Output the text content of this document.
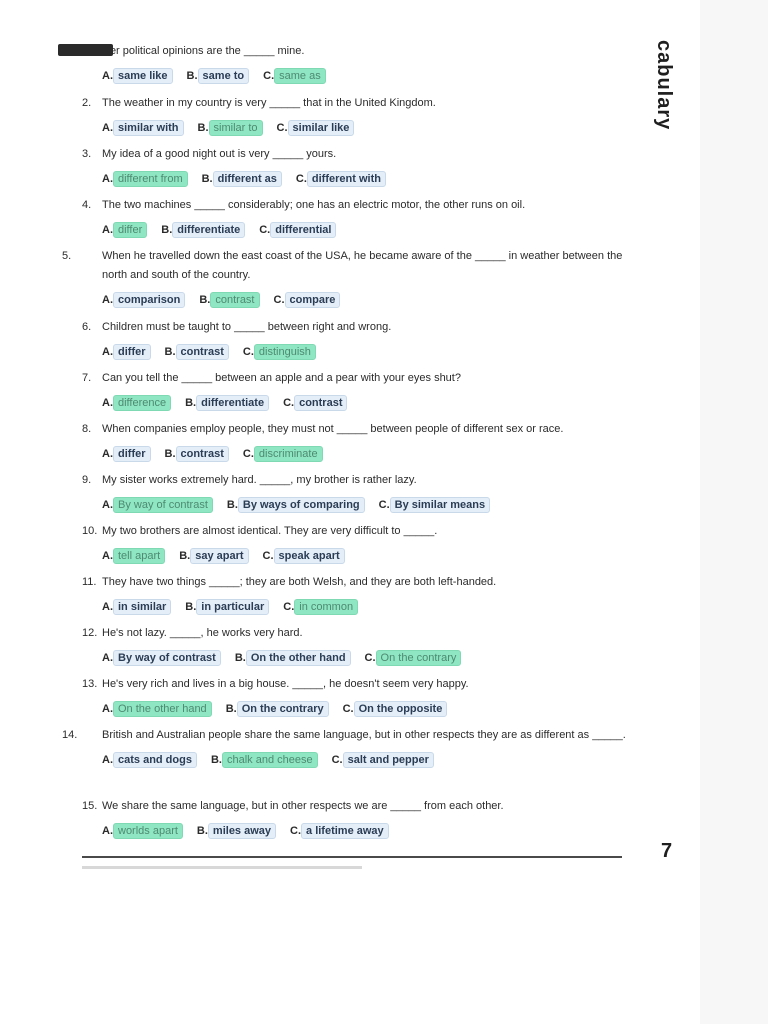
cabulary
1. Her political opinions are the _____ mine.
A. same like B. same to C. same as
2. The weather in my country is very _____ that in the United Kingdom.
A. similar with B. similar to C. similar like
3. My idea of a good night out is very _____ yours.
A. different from B. different as C. different with
4. The two machines _____ considerably; one has an electric motor, the other runs on oil.
A. differ B. differentiate C. differential
5.	When he travelled down the east coast of the USA, he became aware of the _____ in weather between the north and south of the country.
A. comparison B. contrast C. compare
6. Children must be taught to _____ between right and wrong.
A. differ B. contrast C. distinguish
7. Can you tell the _____ between an apple and a pear with your eyes shut?
A. difference B. differentiate C. contrast
8. When companies employ people, they must not _____ between people of different sex or race.
A. differ B. contrast C. discriminate
9. My sister works extremely hard. _____, my brother is rather lazy.
A. By way of contrast B. By ways of comparing C. By similar means
10. My two brothers are almost identical. They are very difficult to _____.
A. tell apart B. say apart C. speak apart
11. They have two things _____; they are both Welsh, and they are both left-handed.
A. in similar B. in particular C. in common
12. He's not lazy. _____, he works very hard.
A. By way of contrast B. On the other hand C. On the contrary
13. He's very rich and lives in a big house. _____, he doesn't seem very happy.
A. On the other hand B. On the contrary C. On the opposite
14. British and Australian people share the same language, but in other respects they are as different as _____.
A. cats and dogs B. chalk and cheese C. salt and pepper
15. We share the same language, but in other respects we are _____ from each other.
A. worlds apart B. miles away C. a lifetime away
7
